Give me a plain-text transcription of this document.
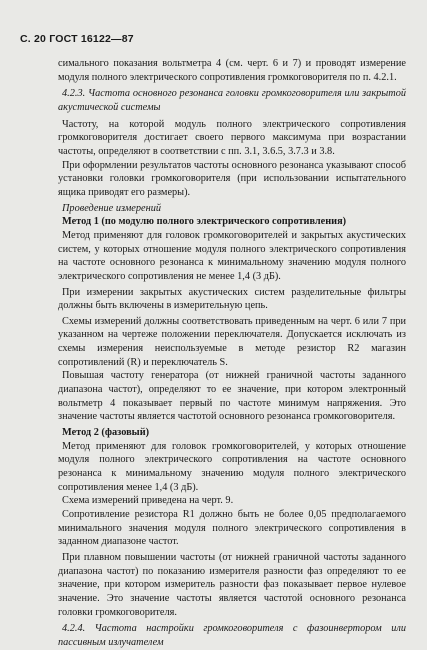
С. 20 ГОСТ 16122—87

симального показания вольтметра 4 (см. черт. 6 и 7) и проводят измерение модуля полного электрического сопротивления громкоговорителя по п. 4.2.1.

4.2.3. Частота основного резонанса головки громкоговорителя или закрытой акустической системы

Частоту, на которой модуль полного электрического сопротивления громкоговорителя достигает своего первого максимума при возрастании частоты, определяют в соответствии с пп. 3.1, 3.6.5, 3.7.3 и 3.8.

При оформлении результатов частоты основного резонанса указывают способ установки головки громкоговорителя (при использовании испытательного ящика приводят его размеры).

Проведение измерений

Метод 1 (по модулю полного электрического сопротивления)

Метод применяют для головок громкоговорителей и закрытых акустических систем, у которых отношение модуля полного электрического сопротивления на частоте основного резонанса к минимальному значению модуля полного электрического сопротивления не менее 1,4 (3 дБ).

При измерении закрытых акустических систем разделительные фильтры должны быть включены в измерительную цепь.

Схемы измерений должны соответствовать приведенным на черт. 6 или 7 при указанном на чертеже положении переключателя. Допускается исключать из схемы измерения неиспользуемые в методе резистор R2 магазин сопротивлений (R) и переключатель S.

Повышая частоту генератора (от нижней граничной частоты заданного диапазона частот), определяют то ее значение, при котором электронный вольтметр 4 показывает первый по частоте минимум напряжения. Это значение частоты является частотой основного резонанса громкоговорителя.

Метод 2 (фазовый)

Метод применяют для головок громкоговорителей, у которых отношение модуля полного электрического сопротивления на частоте основного резонанса к минимальному значению модуля полного электрического сопротивления менее 1,4 (3 дБ).

Схема измерений приведена на черт. 9.

Сопротивление резистора R1 должно быть не более 0,05 предполагаемого минимального значения модуля полного электрического сопротивления в заданном диапазоне частот.

При плавном повышении частоты (от нижней граничной частоты заданного диапазона частот) по показанию измерителя разности фаз определяют то ее значение, при котором измеритель разности фаз показывает первое нулевое значение. Это значение частоты является частотой основного резонанса головки громкоговорителя.

4.2.4. Частота настройки громкоговорителя с фазоинвертором или пассивным излучателем
